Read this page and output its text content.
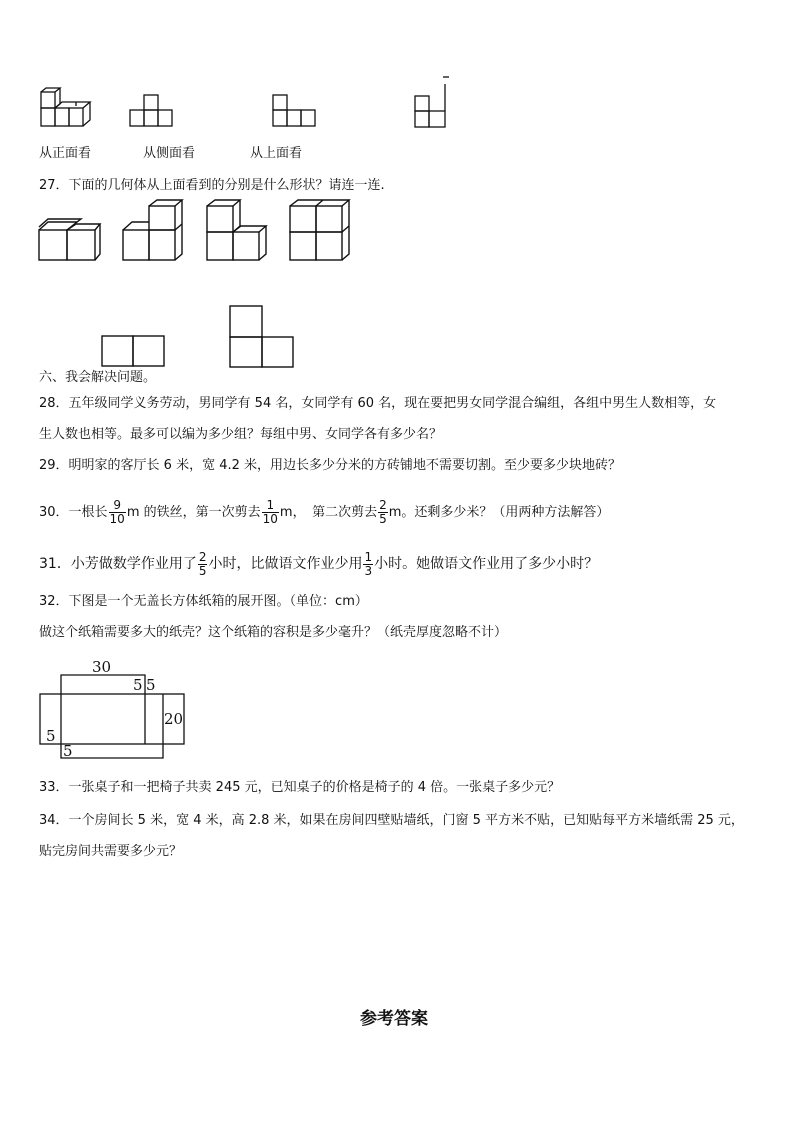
从正面看	从侧面看	从上面看
27．下面的几何体从上面看到的分别是什么形状？请连一连.
六、我会解决问题。
28．五年级同学义务劳动，男同学有 54 名，女同学有 60 名，现在要把男女同学混合编组，各组中男生人数相等，女
生人数也相等。最多可以编为多少组？每组中男、女同学各有多少名？
29．明明家的客厅长 6 米，宽 4.2 米，用边长多少分米的方砖铺地不需要切割。至少要多少块地砖？
30．一根长 $\frac{9}{10}$ m 的铁丝，第一次剪去 $\frac{1}{10}$ m，　第二次剪去 $\frac{2}{5}$ m。还剩多少米？（用两种方法解答）
31．小芳做数学作业用了 $\frac{2}{5}$ 小时，比做语文作业少用 $\frac{1}{3}$ 小时。她做语文作业用了多少小时？
32．下图是一个无盖长方体纸箱的展开图。（单位：cm）
做这个纸箱需要多大的纸壳？这个纸箱的容积是多少毫升？（纸壳厚度忽略不计）
30
5 5
20
5
5
33．一张桌子和一把椅子共卖 245 元，已知桌子的价格是椅子的 4 倍。一张桌子多少元？
34．一个房间长 5 米，宽 4 米，高 2.8 米，如果在房间四壁贴墙纸，门窗 5 平方米不贴，已知贴每平方米墙纸需 25 元，
贴完房间共需要多少元？
参考答案
